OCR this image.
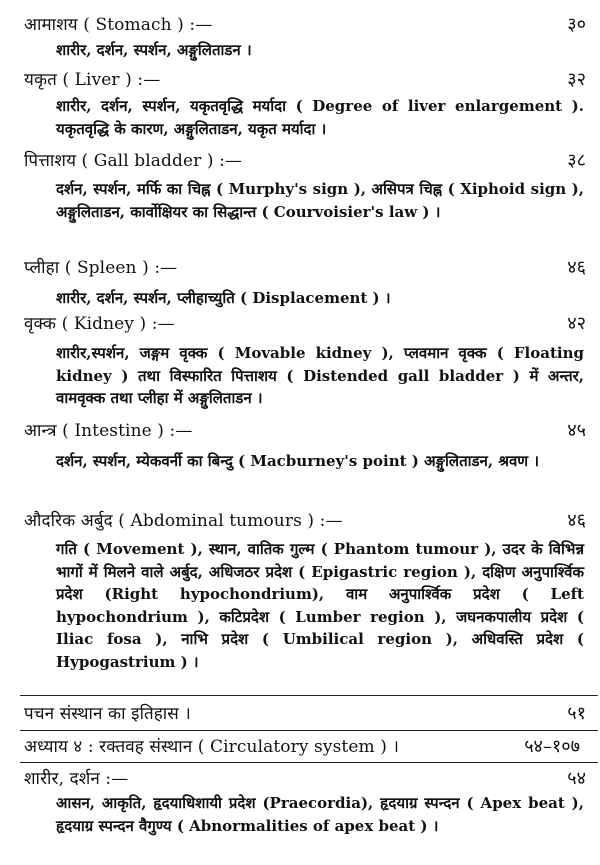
आमाशय ( Stomach ) :—	३०
शारीर, दर्शन, स्पर्शन, अङ्गुलिताडन ।
यकृत ( Liver ) :—	३२
शारीर, दर्शन, स्पर्शन, यकृतवृद्धि मर्यादा ( Degree of liver enlargement ). यकृतवृद्धि के कारण, अङ्गुलिताडन, यकृत मर्यादा ।
पित्ताशय ( Gall bladder ) :—	३८
दर्शन, स्पर्शन, मर्फि का चिह्न ( Murphy's sign ), असिपत्र चिह्न ( Xiphoid sign ), अङ्गुलिताडन, कार्वोक्षियर का सिद्धान्त ( Courvoisier's law ) ।
प्लीहा ( Spleen ) :—	४६
शारीर, दर्शन, स्पर्शन, प्लीहाच्युति ( Displacement ) ।
वृक्क ( Kidney ) :—	४२
शारीर,स्पर्शन, जङ्गम वृक्क ( Movable kidney ), प्लवमान वृक्क ( Floating kidney ) तथा विस्फारित पित्ताशय ( Distended gall bladder ) में अन्तर, वामवृक्क तथा प्लीहा में अङ्गुलिताडन ।
आन्त्र ( Intestine ) :—	४५
दर्शन, स्पर्शन, म्येकवर्नी का बिन्दु ( Macburney's point ) अङ्गुलिताडन, श्रवण ।
औदरिक अर्बुद ( Abdominal tumours ) :—	४६
गति ( Movement ), स्थान, वातिक गुल्म ( Phantom tumour ), उदर के विभिन्न भागों में मिलने वाले अर्बुद, अधिजठर प्रदेश ( Epigastric region ), दक्षिण अनुपार्श्विक प्रदेश (Right hypochondrium), वाम अनुपार्श्विक प्रदेश ( Left hypochondrium ), कटिप्रदेश ( Lumber region ), जघनकपालीय प्रदेश ( Iliac fosa ), नाभि प्रदेश ( Umbilical region ), अधिवस्ति प्रदेश ( Hypogastrium ) ।
पचन संस्थान का इतिहास ।	५१
अध्याय ४ : रक्तवह संस्थान ( Circulatory system ) ।	५४–१०७
शारीर, दर्शन :—	५४
आसन, आकृति, हृदयाधिशायी प्रदेश (Praecordia), हृदयाग्र स्पन्दन ( Apex beat ), हृदयाग्र स्पन्दन वैगुण्य ( Abnormalities of apex beat ) ।
